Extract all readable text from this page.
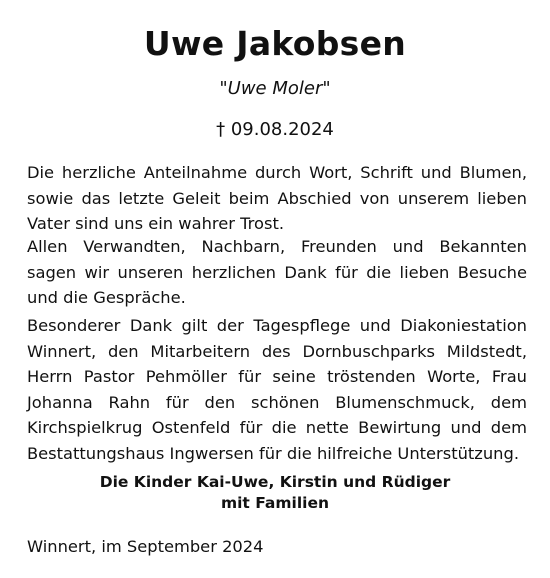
Uwe Jakobsen
"Uwe Moler"
† 09.08.2024

Die herzliche Anteilnahme durch Wort, Schrift und Blumen, sowie das letzte Geleit beim Abschied von unserem lieben Vater sind uns ein wahrer Trost.

Allen Verwandten, Nachbarn, Freunden und Bekannten sagen wir unseren herzlichen Dank für die lieben Besuche und die Gespräche.

Besonderer Dank gilt der Tagespflege und Diakoniestation Winnert, den Mitarbeitern des Dornbuschparks Mildstedt, Herrn Pastor Pehmöller für seine tröstenden Worte, Frau Johanna Rahn für den schönen Blumenschmuck, dem Kirchspielkrug Ostenfeld für die nette Bewirtung und dem Bestattungshaus Ingwersen für die hilfreiche Unterstützung.

Die Kinder Kai-Uwe, Kirstin und Rüdiger
mit Familien
Winnert, im September 2024
